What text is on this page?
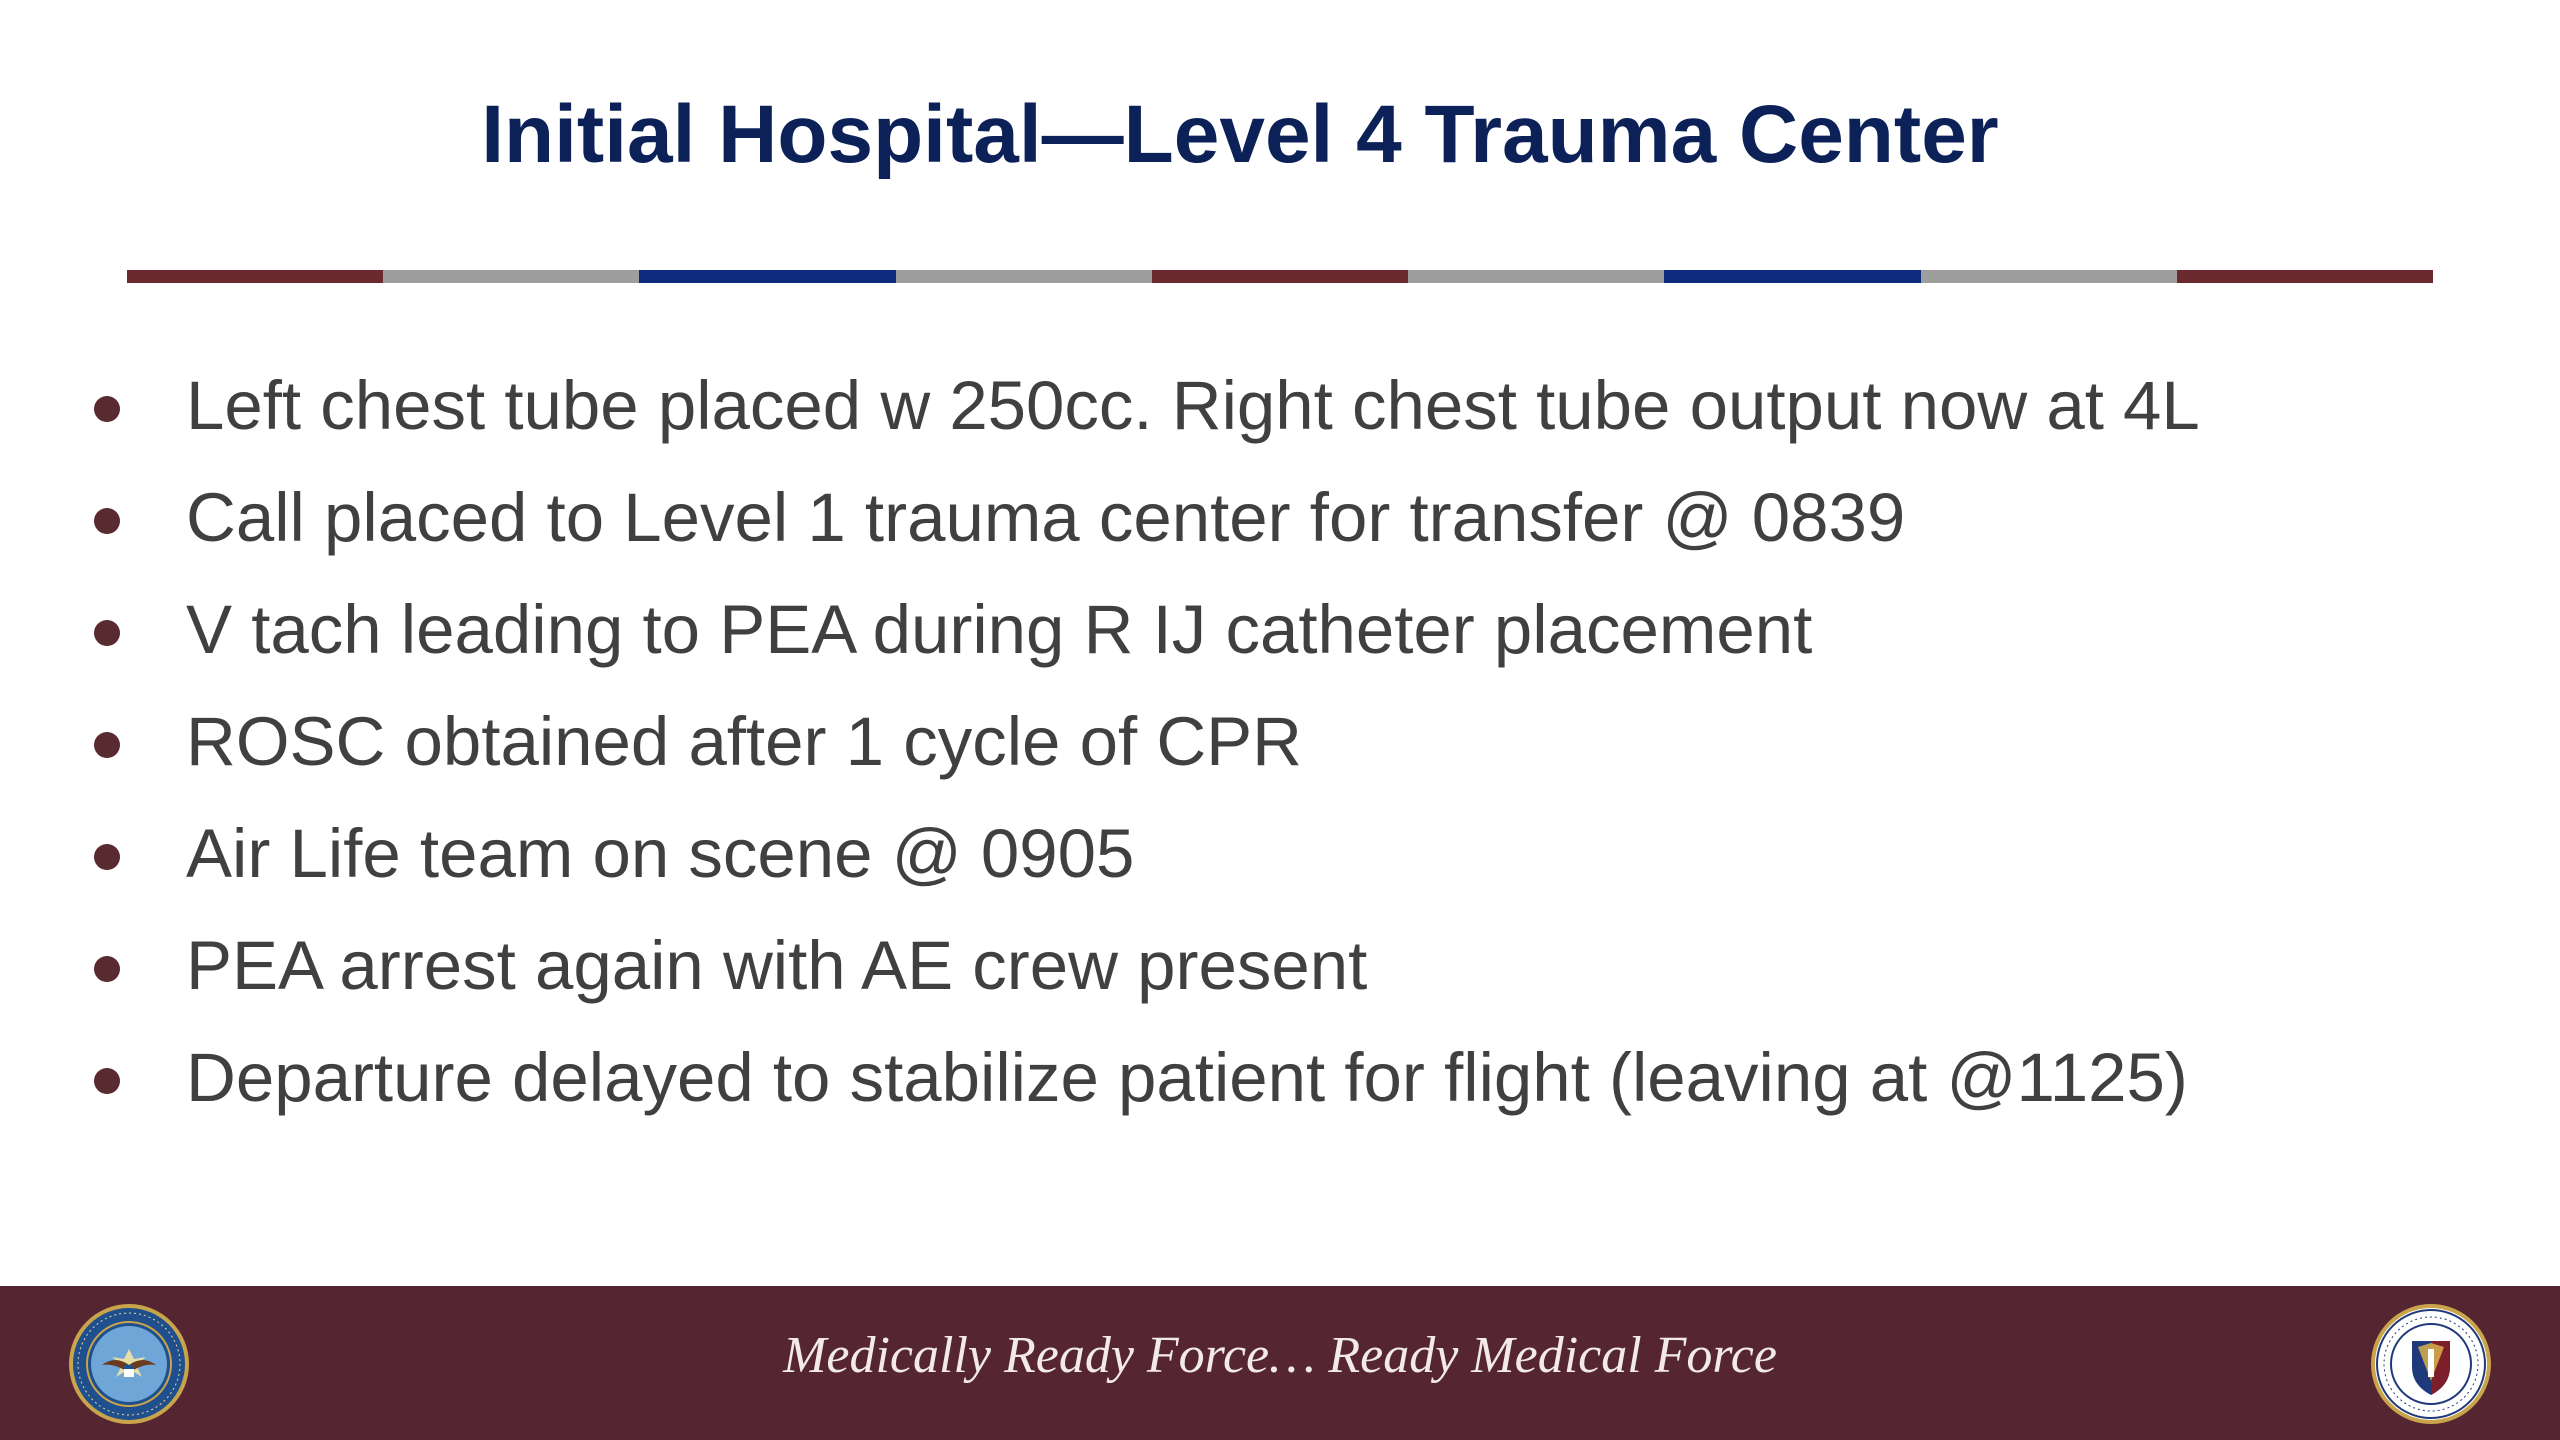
Initial Hospital—Level 4 Trauma Center
Left chest tube placed w 250cc. Right chest tube output now at 4L
Call placed to Level 1 trauma center for transfer @ 0839
V tach leading to PEA during R IJ catheter placement
ROSC obtained after 1 cycle of CPR
Air Life team on scene @ 0905
PEA arrest again with AE crew present
Departure delayed to stabilize patient for flight (leaving at @1125)
Medically Ready Force… Ready Medical Force
